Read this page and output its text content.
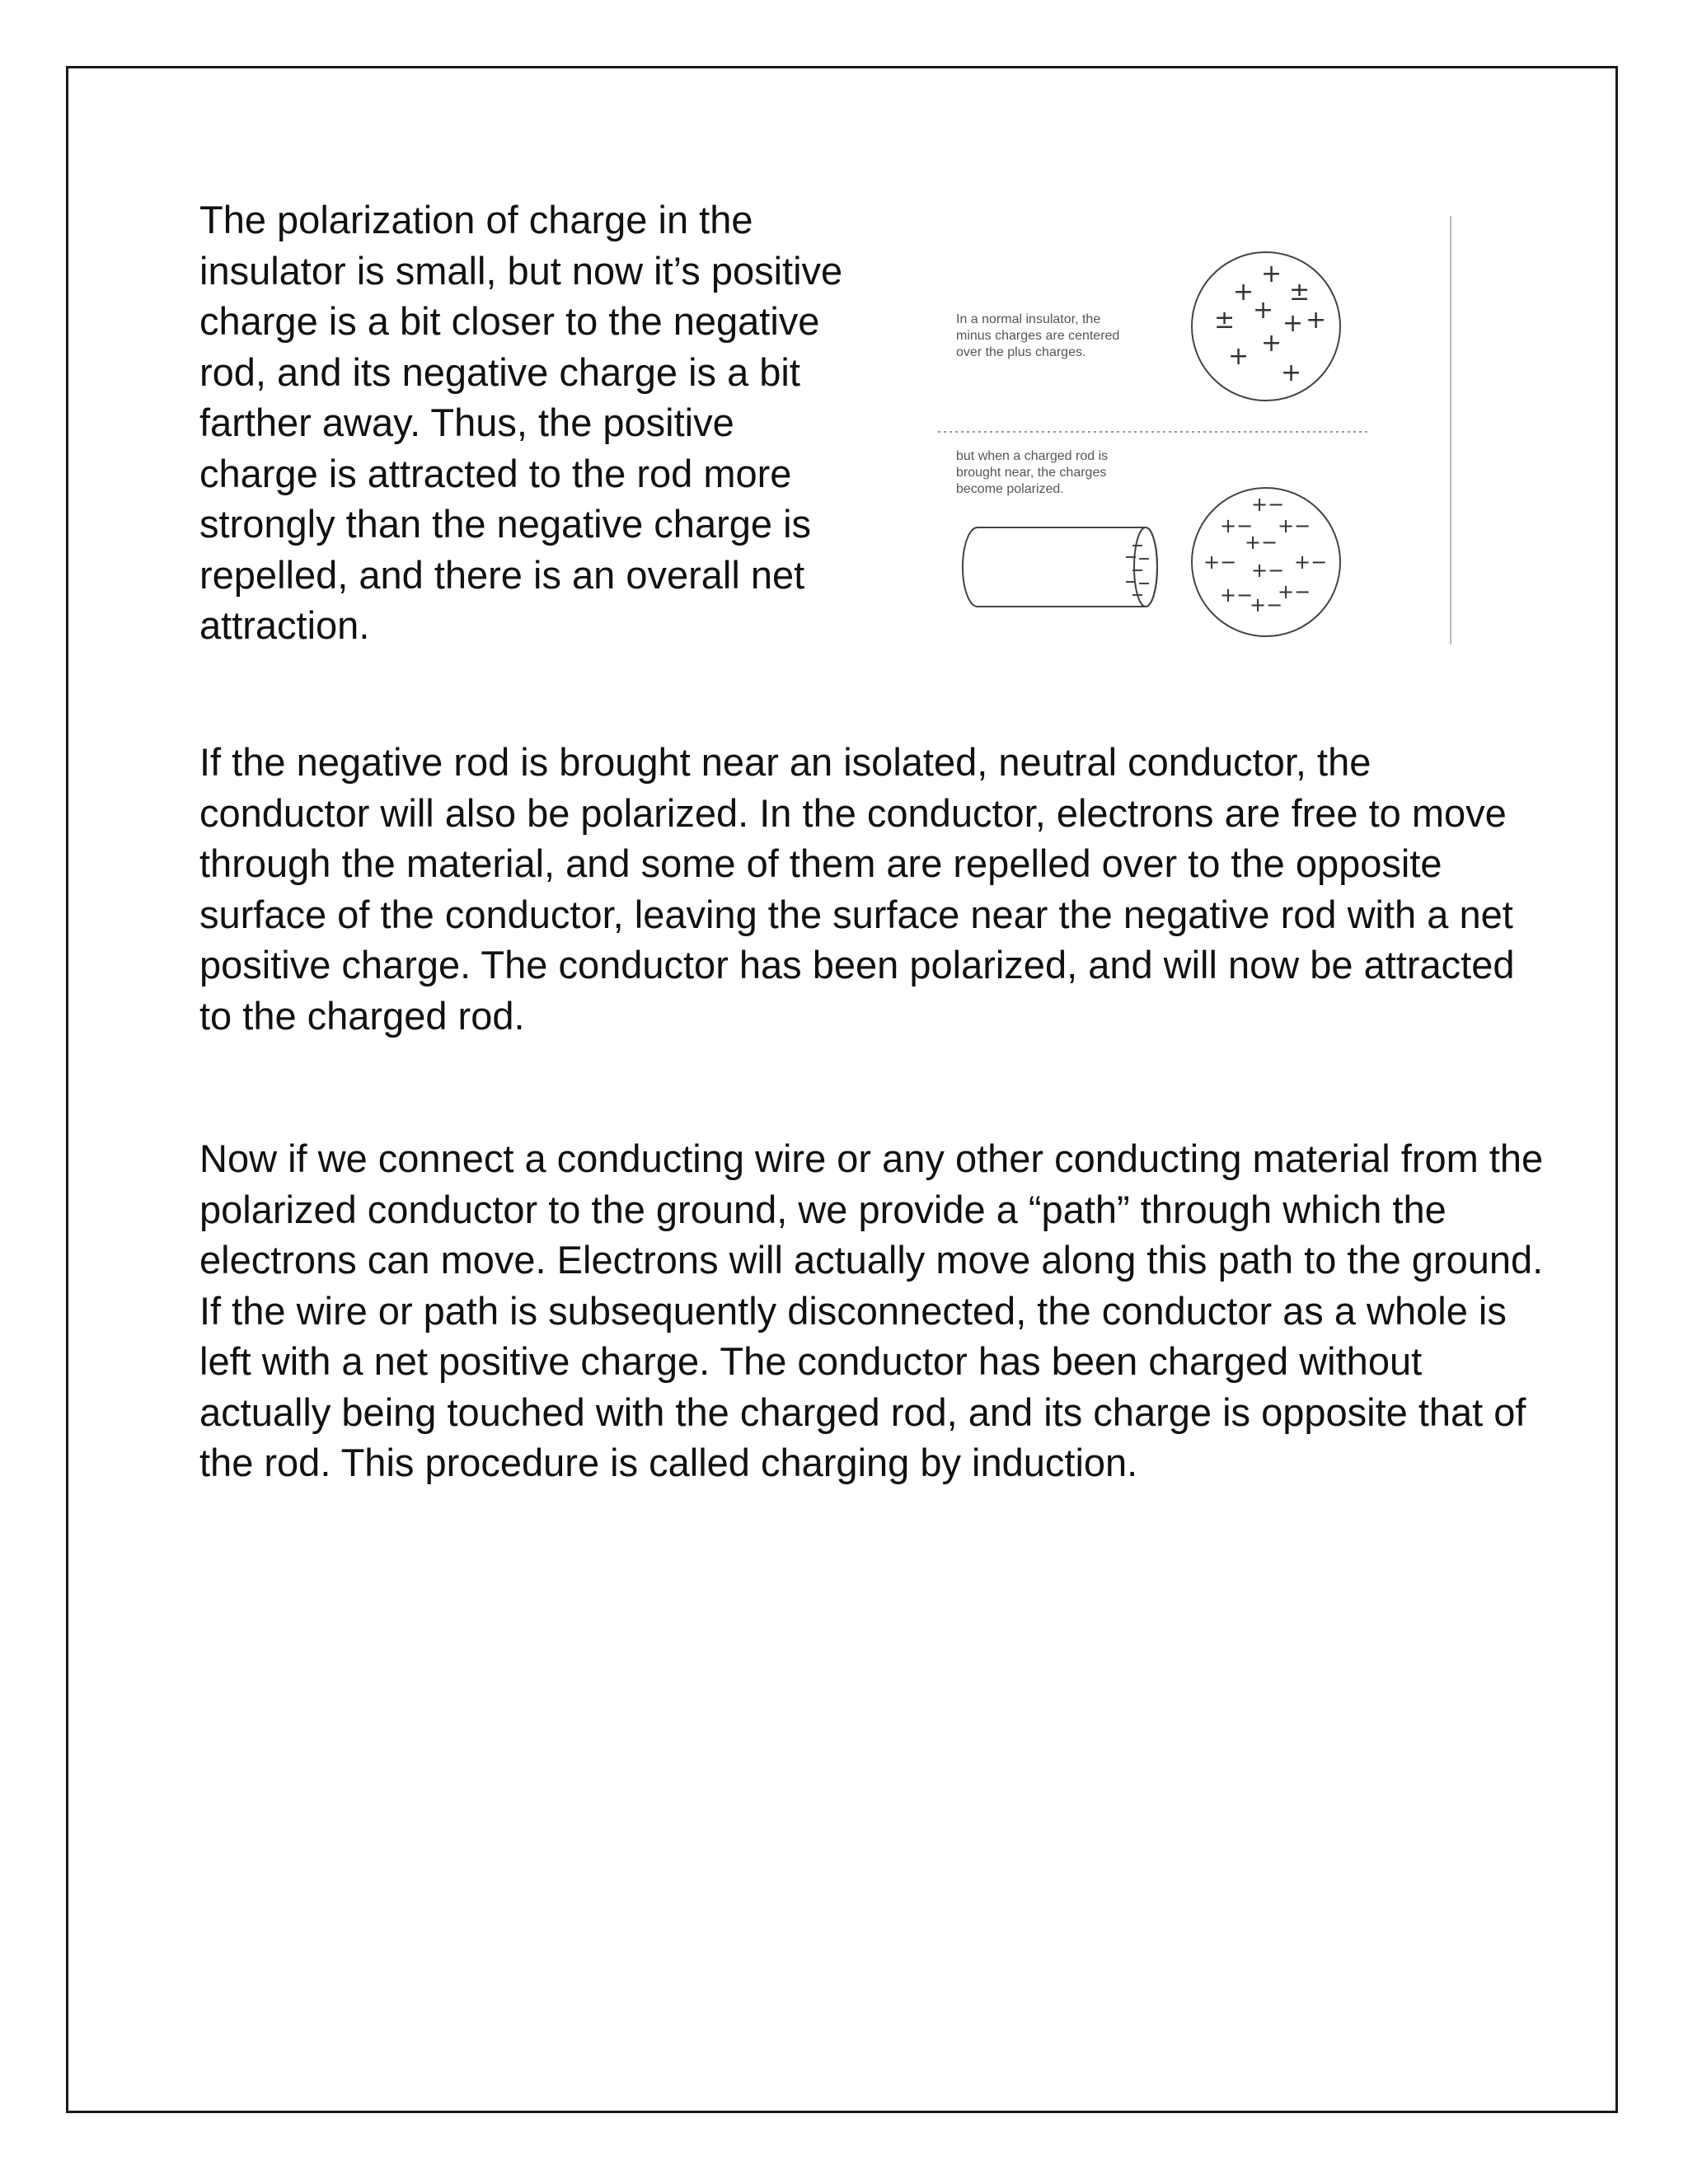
The polarization of charge in the insulator is small, but now it’s positive charge is a bit closer to the negative rod, and its negative charge is a bit farther away. Thus, the positive charge is attracted to the rod more strongly than the negative charge is repelled, and there is an overall net attraction.

In a normal insulator, the
minus charges are centered
over the plus charges.
+
+
±
± + + +
+
+
+
but when a charged rod is
brought near, the charges
become polarized.
+−
+− +−
+−
+− +− +−
+− +−
+−

If the negative rod is brought near an isolated, neutral conductor, the conductor will also be polarized. In the conductor, electrons are free to move through the material, and some of them are repelled over to the opposite surface of the conductor, leaving the surface near the negative rod with a net positive charge. The conductor has been polarized, and will now be attracted to the charged rod.

Now if we connect a conducting wire or any other conducting material from the polarized conductor to the ground, we provide a “path” through which the electrons can move. Electrons will actually move along this path to the ground. If the wire or path is subsequently disconnected, the conductor as a whole is left with a net positive charge. The conductor has been charged without actually being touched with the charged rod, and its charge is opposite that of the rod. This procedure is called charging by induction.
